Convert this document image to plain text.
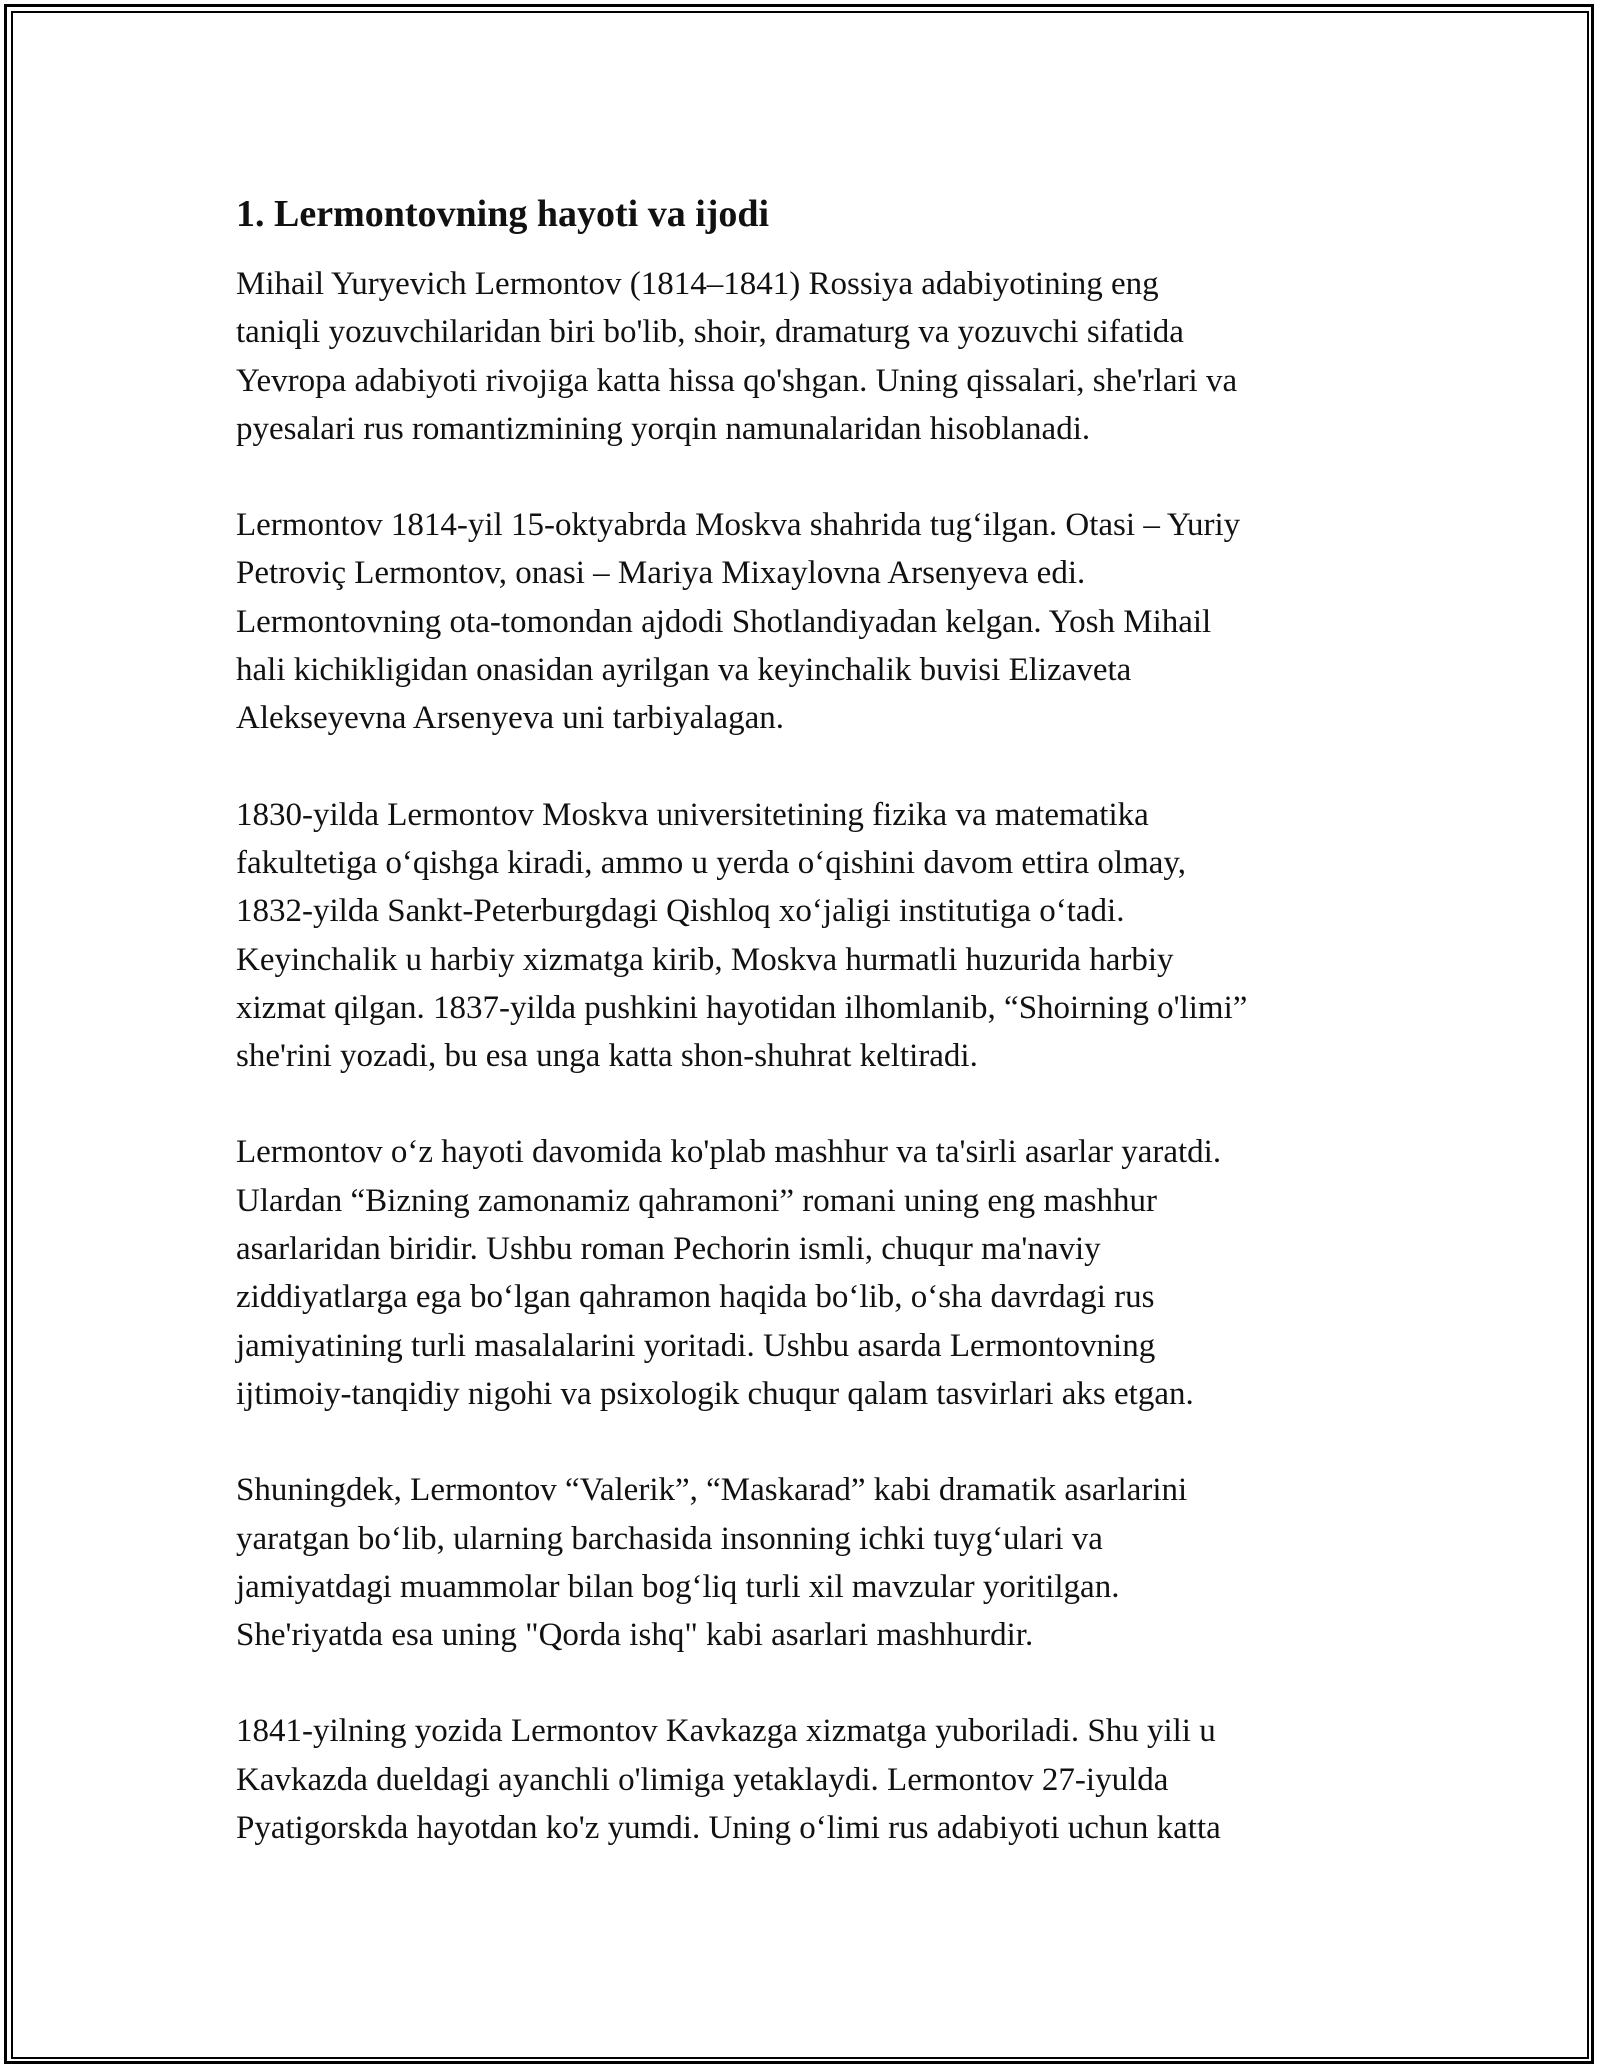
1. Lermontovning hayoti va ijodi
Mihail Yuryevich Lermontov (1814–1841) Rossiya adabiyotining eng
taniqli yozuvchilaridan biri bo'lib, shoir, dramaturg va yozuvchi sifatida
Yevropa adabiyoti rivojiga katta hissa qo'shgan. Uning qissalari, she'rlari va
pyesalari rus romantizmining yorqin namunalaridan hisoblanadi.
Lermontov 1814-yil 15-oktyabrda Moskva shahrida tug‘ilgan. Otasi – Yuriy
Petroviç Lermontov, onasi – Mariya Mixaylovna Arsenyeva edi.
Lermontovning ota-tomondan ajdodi Shotlandiyadan kelgan. Yosh Mihail
hali kichikligidan onasidan ayrilgan va keyinchalik buvisi Elizaveta
Alekseyevna Arsenyeva uni tarbiyalagan.
1830-yilda Lermontov Moskva universitetining fizika va matematika
fakultetiga o‘qishga kiradi, ammo u yerda o‘qishini davom ettira olmay,
1832-yilda Sankt-Peterburgdagi Qishloq xo‘jaligi institutiga o‘tadi.
Keyinchalik u harbiy xizmatga kirib, Moskva hurmatli huzurida harbiy
xizmat qilgan. 1837-yilda pushkini hayotidan ilhomlanib, “Shoirning o'limi”
she'rini yozadi, bu esa unga katta shon-shuhrat keltiradi.
Lermontov o‘z hayoti davomida ko'plab mashhur va ta'sirli asarlar yaratdi.
Ulardan “Bizning zamonamiz qahramoni” romani uning eng mashhur
asarlaridan biridir. Ushbu roman Pechorin ismli, chuqur ma'naviy
ziddiyatlarga ega bo‘lgan qahramon haqida bo‘lib, o‘sha davrdagi rus
jamiyatining turli masalalarini yoritadi. Ushbu asarda Lermontovning
ijtimoiy-tanqidiy nigohi va psixologik chuqur qalam tasvirlari aks etgan.
Shuningdek, Lermontov “Valerik”, “Maskarad” kabi dramatik asarlarini
yaratgan bo‘lib, ularning barchasida insonning ichki tuyg‘ulari va
jamiyatdagi muammolar bilan bog‘liq turli xil mavzular yoritilgan.
She'riyatda esa uning "Qorda ishq" kabi asarlari mashhurdir.
1841-yilning yozida Lermontov Kavkazga xizmatga yuboriladi. Shu yili u
Kavkazda dueldagi ayanchli o'limiga yetaklaydi. Lermontov 27-iyulda
Pyatigorskda hayotdan ko'z yumdi. Uning o‘limi rus adabiyoti uchun katta
